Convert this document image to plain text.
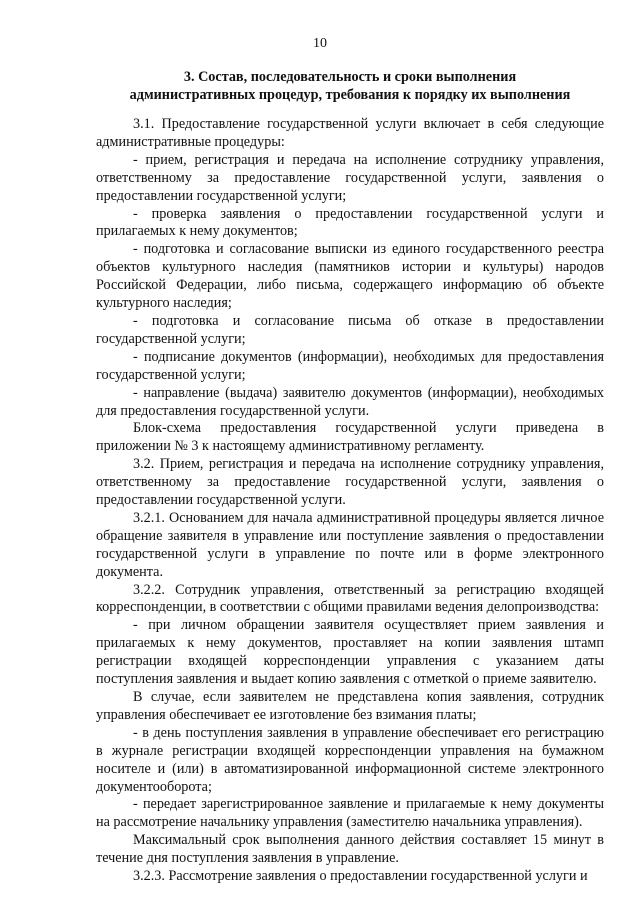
10
3. Состав, последовательность и сроки выполнения
административных процедур, требования к порядку их выполнения

3.1. Предоставление государственной услуги включает в себя следующие административные процедуры:

- прием, регистрация и передача на исполнение сотруднику управления, ответственному за предоставление государственной услуги, заявления о предоставлении государственной услуги;

- проверка заявления о предоставлении государственной услуги и прилагаемых к нему документов;

- подготовка и согласование выписки из единого государственного реестра объектов культурного наследия (памятников истории и культуры) народов Российской Федерации, либо письма, содержащего информацию об объекте культурного наследия;

- подготовка и согласование письма об отказе в предоставлении государственной услуги;

- подписание документов (информации), необходимых для предоставления государственной услуги;

- направление (выдача) заявителю документов (информации), необходимых для предоставления государственной услуги.

Блок-схема предоставления государственной услуги приведена в приложении № 3 к настоящему административному регламенту.

3.2. Прием, регистрация и передача на исполнение сотруднику управления, ответственному за предоставление государственной услуги, заявления о предоставлении государственной услуги.

3.2.1. Основанием для начала административной процедуры является личное обращение заявителя в управление или поступление заявления о предоставлении государственной услуги в управление по почте или в форме электронного документа.

3.2.2. Сотрудник управления, ответственный за регистрацию входящей корреспонденции, в соответствии с общими правилами ведения делопроизводства:

- при личном обращении заявителя осуществляет прием заявления и прилагаемых к нему документов, проставляет на копии заявления штамп регистрации входящей корреспонденции управления с указанием даты поступления заявления и выдает копию заявления с отметкой о приеме заявителю.

В случае, если заявителем не представлена копия заявления, сотрудник управления обеспечивает ее изготовление без взимания платы;

- в день поступления заявления в управление обеспечивает его регистрацию в журнале регистрации входящей корреспонденции управления на бумажном носителе и (или) в автоматизированной информационной системе электронного документооборота;

- передает зарегистрированное заявление и прилагаемые к нему документы на рассмотрение начальнику управления (заместителю начальника управления).

Максимальный срок выполнения данного действия составляет 15 минут в течение дня поступления заявления в управление.

3.2.3. Рассмотрение заявления о предоставлении государственной услуги и
